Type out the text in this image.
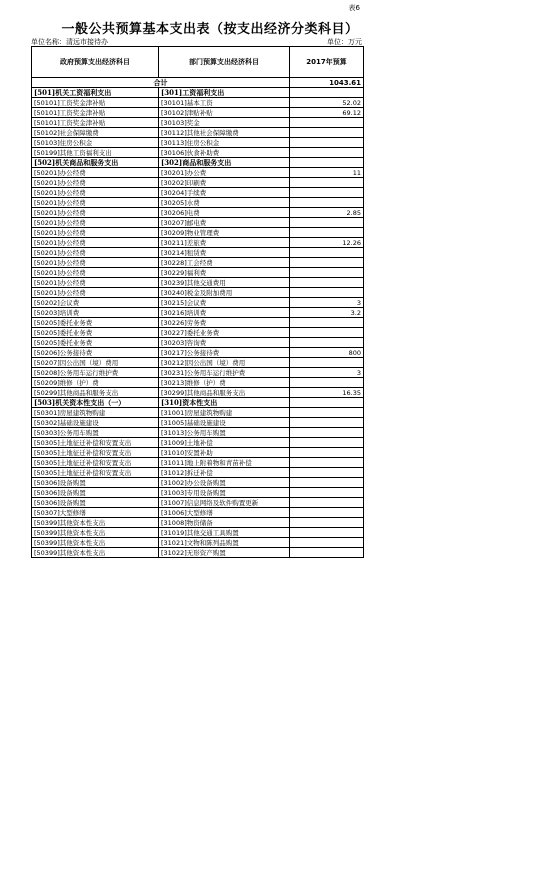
表6
一般公共预算基本支出表（按支出经济分类科目）
单位名称：清远市接待办	单位：万元
政府预算支出经济科目	部门预算支出经济科目	2017年预算
合计		1043.61
[501]机关工资福利支出	[301]工资福利支出	
[50101]工资奖金津补贴	[30101]基本工资	52.02
[50101]工资奖金津补贴	[30102]津贴补贴	69.12
[50101]工资奖金津补贴	[30103]奖金	
[50102]社会保障缴费	[30112]其他社会保障缴费	
[50103]住房公积金	[30113]住房公积金	
[50199]其他工资福利支出	[30106]伙食补助费	
[502]机关商品和服务支出	[302]商品和服务支出	
[50201]办公经费	[30201]办公费	11
[50201]办公经费	[30202]印刷费	
[50201]办公经费	[30204]手续费	
[50201]办公经费	[30205]水费	
[50201]办公经费	[30206]电费	2.85
[50201]办公经费	[30207]邮电费	
[50201]办公经费	[30209]物业管理费	
[50201]办公经费	[30211]差旅费	12.26
[50201]办公经费	[30214]租赁费	
[50201]办公经费	[30228]工会经费	
[50201]办公经费	[30229]福利费	
[50201]办公经费	[30239]其他交通费用	
[50201]办公经费	[30240]税金及附加费用	
[50202]会议费	[30215]会议费	3
[50203]培训费	[30216]培训费	3.2
[50205]委托业务费	[30226]劳务费	
[50205]委托业务费	[30227]委托业务费	
[50205]委托业务费	[30203]咨询费	
[50206]公务接待费	[30217]公务接待费	800
[50207]因公出国（境）费用	[30212]因公出国（境）费用	
[50208]公务用车运行维护费	[30231]公务用车运行维护费	3
[50209]维修（护）费	[30213]维修（护）费	
[50299]其他商品和服务支出	[30299]其他商品和服务支出	16.35
[503]机关资本性支出（一）	[310]资本性支出	
[50301]房屋建筑物购建	[31001]房屋建筑物购建	
[50302]基础设施建设	[31005]基础设施建设	
[50303]公务用车购置	[31013]公务用车购置	
[50305]土地征迁补偿和安置支出	[31009]土地补偿	
[50305]土地征迁补偿和安置支出	[31010]安置补助	
[50305]土地征迁补偿和安置支出	[31011]地上附着物和青苗补偿	
[50305]土地征迁补偿和安置支出	[31012]拆迁补偿	
[50306]设备购置	[31002]办公设备购置	
[50306]设备购置	[31003]专用设备购置	
[50306]设备购置	[31007]信息网络及软件购置更新	
[50307]大型修缮	[31006]大型修缮	
[50399]其他资本性支出	[31008]物资储备	
[50399]其他资本性支出	[31019]其他交通工具购置	
[50399]其他资本性支出	[31021]文物和陈列品购置	
[50399]其他资本性支出	[31022]无形资产购置	
